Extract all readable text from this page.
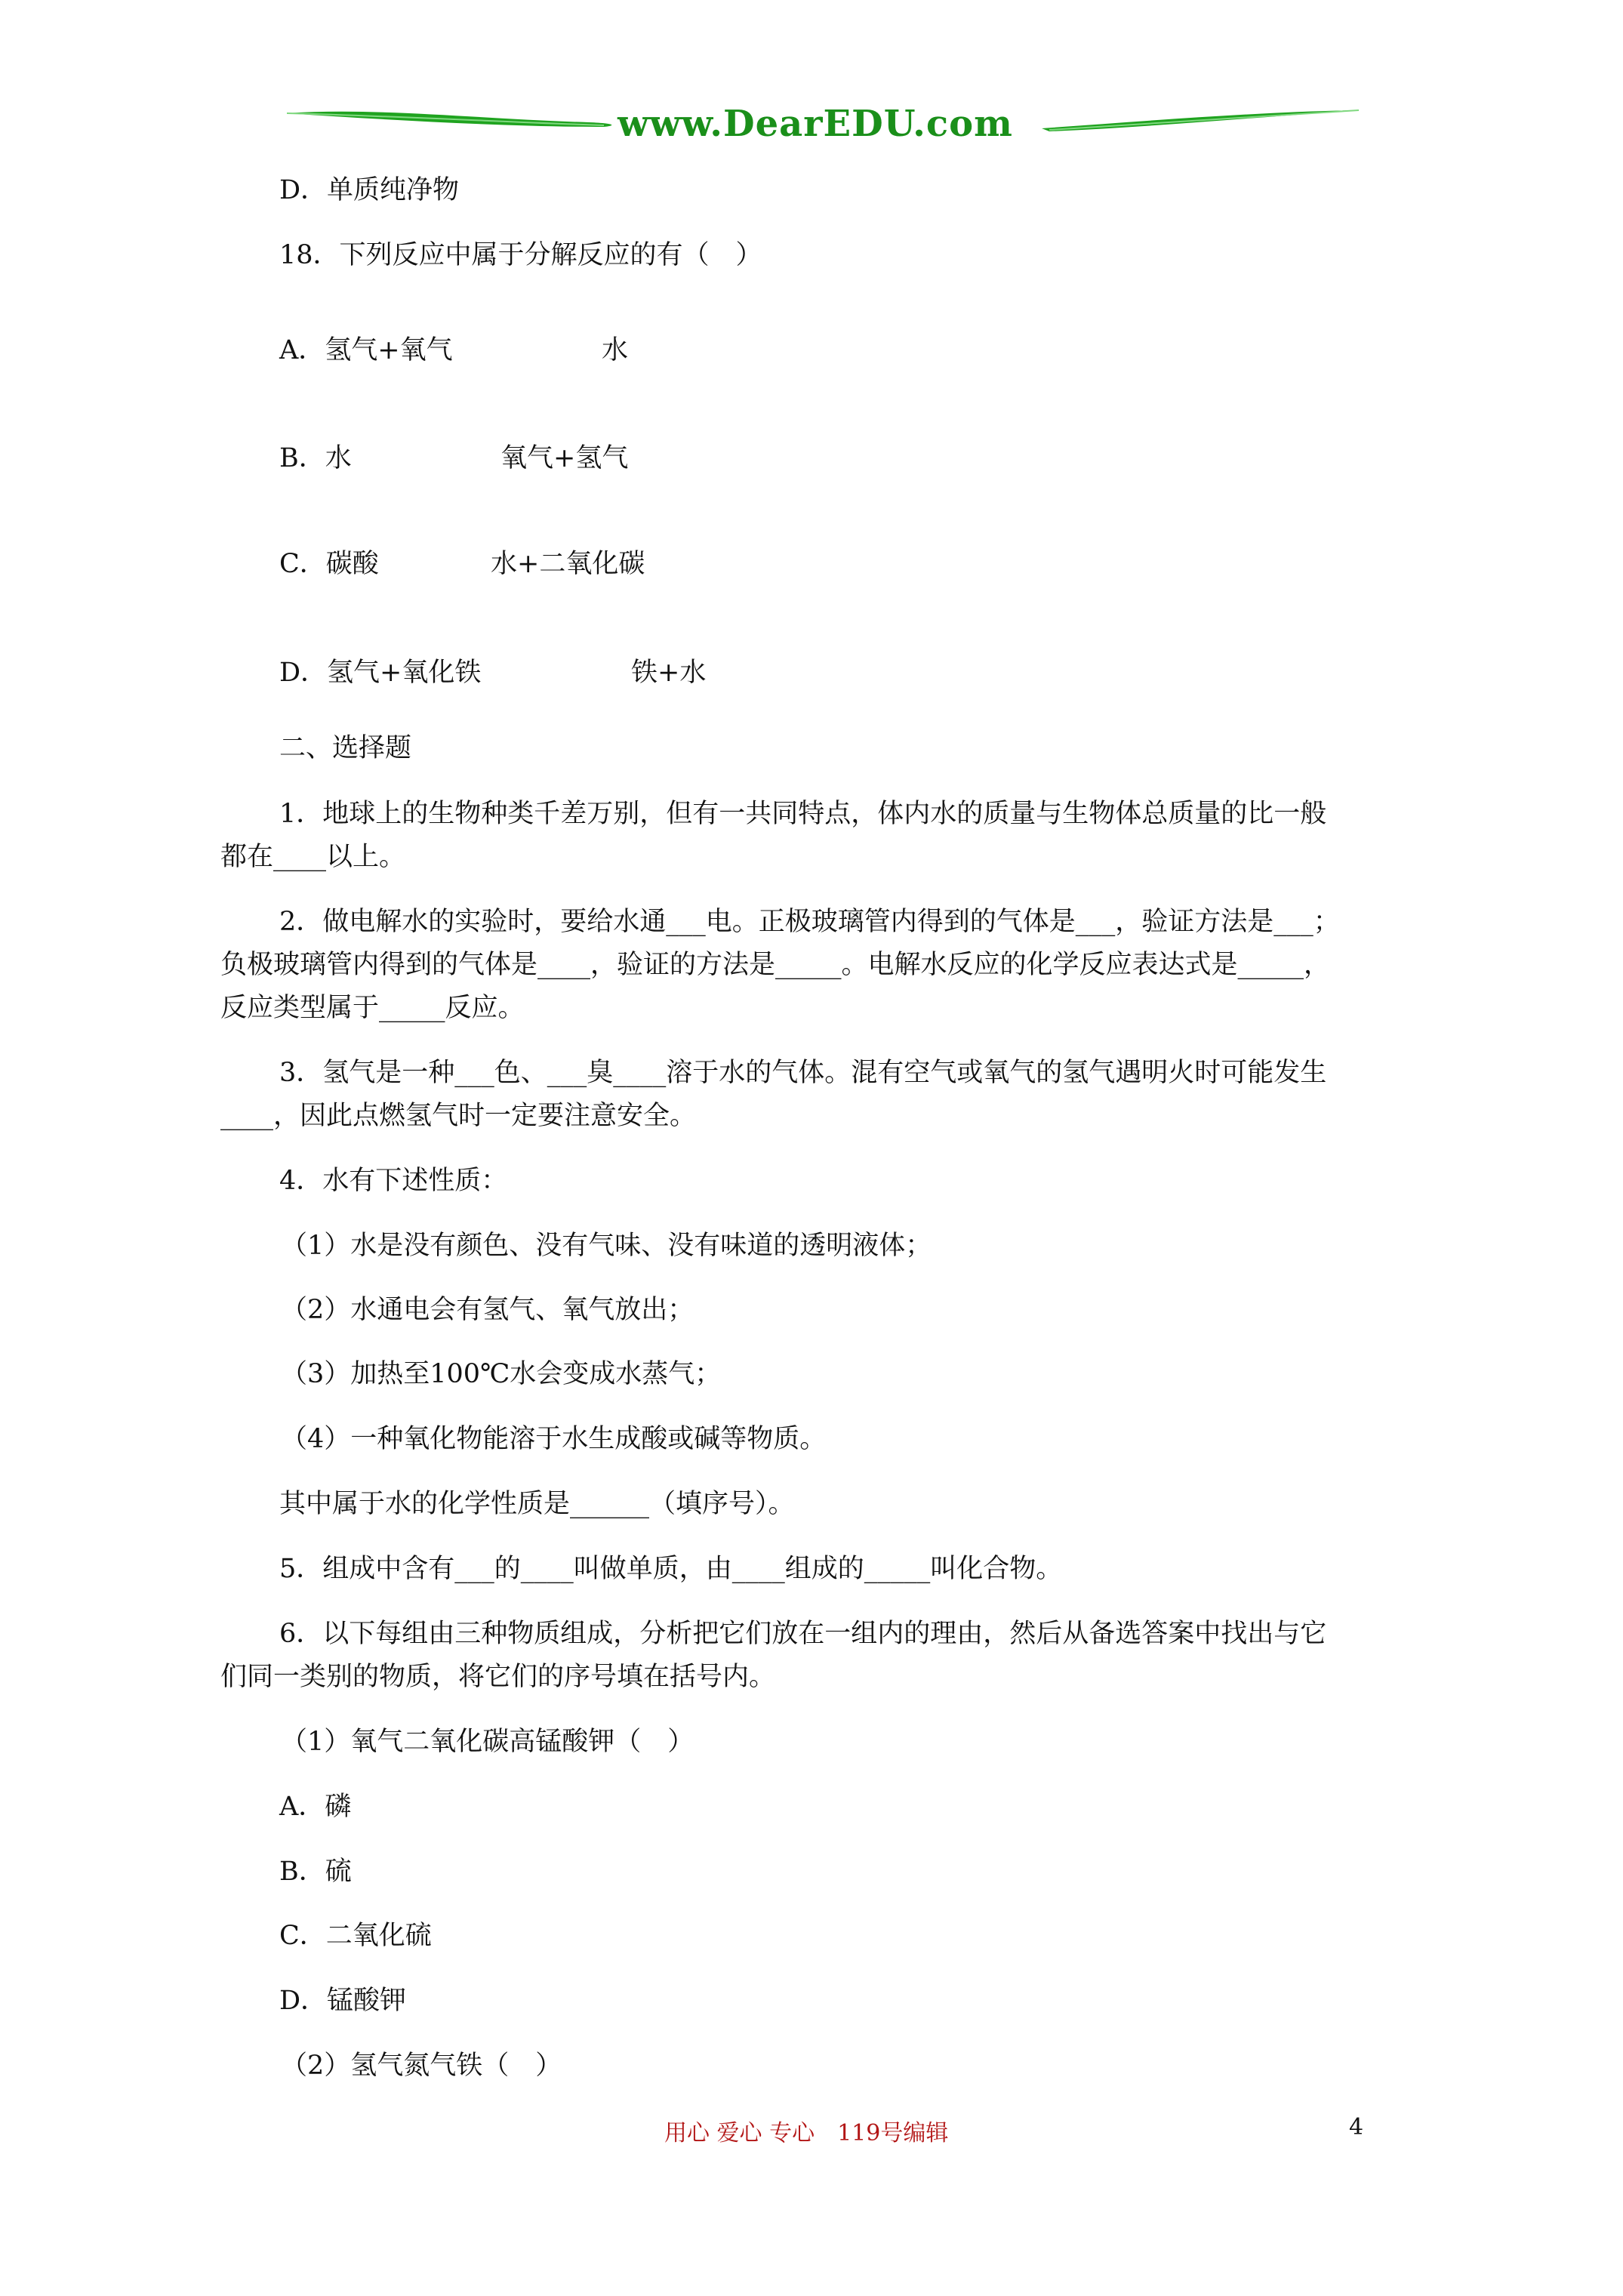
www.DearEDU.com
D．单质纯净物
18．下列反应中属于分解反应的有（　）
A．氢气+氧气	水
B．水	氧气+氢气
C．碳酸	水+二氧化碳
D．氢气+氧化铁	铁+水
二、选择题
1．地球上的生物种类千差万别，但有一共同特点，体内水的质量与生物体总质量的比一般
都在____以上。
2．做电解水的实验时，要给水通___电。正极玻璃管内得到的气体是___，验证方法是___；
负极玻璃管内得到的气体是____，验证的方法是_____。电解水反应的化学反应表达式是_____，
反应类型属于_____反应。
3．氢气是一种___色、___臭____溶于水的气体。混有空气或氧气的氢气遇明火时可能发生
____，因此点燃氢气时一定要注意安全。
4．水有下述性质：
（1）水是没有颜色、没有气味、没有味道的透明液体；
（2）水通电会有氢气、氧气放出；
（3）加热至100℃水会变成水蒸气；
（4）一种氧化物能溶于水生成酸或碱等物质。
其中属于水的化学性质是______（填序号）。
5．组成中含有___的____叫做单质，由____组成的_____叫化合物。
6．以下每组由三种物质组成，分析把它们放在一组内的理由，然后从备选答案中找出与它
们同一类别的物质，将它们的序号填在括号内。
（1）氧气二氧化碳高锰酸钾（　）
A．磷
B．硫
C．二氧化硫
D．锰酸钾
（2）氢气氮气铁（　）
用心 爱心 专心　119号编辑	4
